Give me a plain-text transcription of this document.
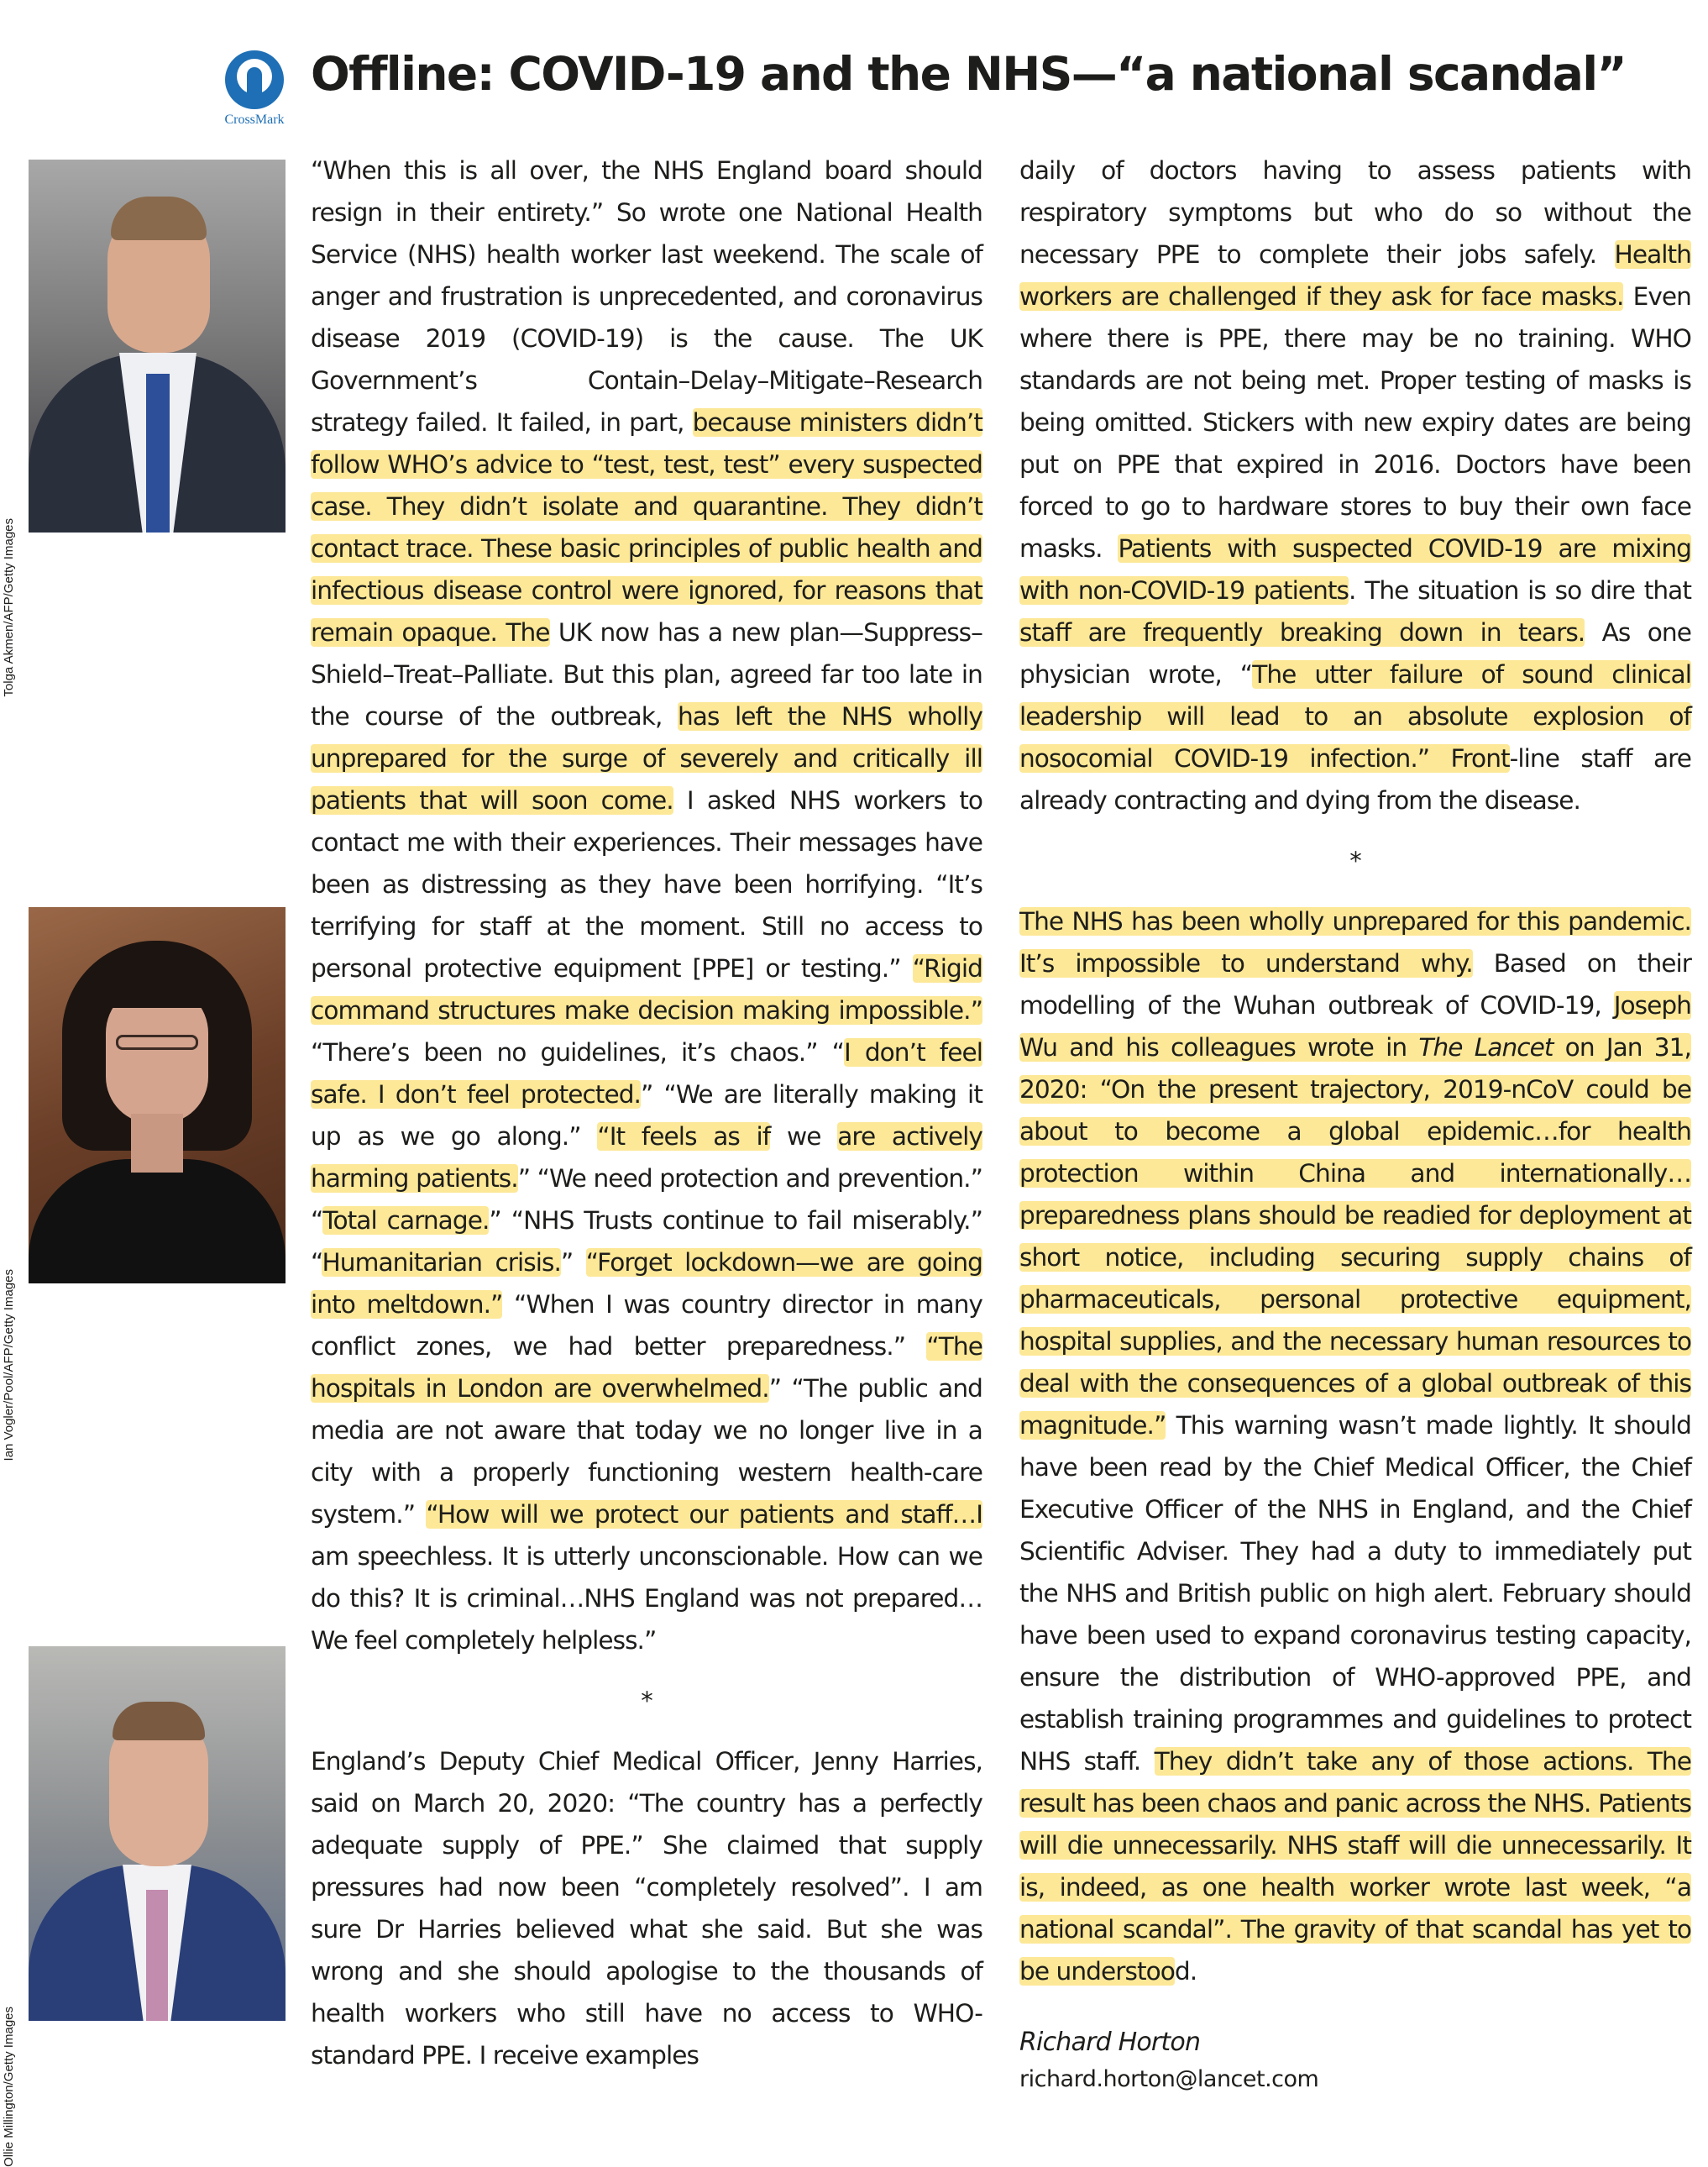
CrossMark
Offline: COVID-19 and the NHS—“a national scandal”
Tolga Akmen/AFP/Getty Images
Ian Vogler/Pool/AFP/Getty Images
Ollie Millington/Getty Images

“When this is all over, the NHS England board should resign in their entirety.” So wrote one National Health Service (NHS) health worker last weekend. The scale of anger and frustration is unprecedented, and coronavirus disease 2019 (COVID-19) is the cause. The UK Government’s Contain–Delay–Mitigate–Research strategy failed. It failed, in part, because ministers didn’t follow WHO’s advice to “test, test, test” every suspected case. They didn’t isolate and quarantine. They didn’t contact trace. These basic principles of public health and infectious disease control were ignored, for reasons that remain opaque. The UK now has a new plan—Suppress–Shield–Treat–Palliate. But this plan, agreed far too late in the course of the outbreak, has left the NHS wholly unprepared for the surge of severely and critically ill patients that will soon come. I asked NHS workers to contact me with their experiences. Their messages have been as distressing as they have been horrifying. “It’s terrifying for staff at the moment. Still no access to personal protective equipment [PPE] or testing.” “Rigid command structures make decision making impossible.” “There’s been no guidelines, it’s chaos.” “I don’t feel safe. I don’t feel protected.” “We are literally making it up as we go along.” “It feels as if we are actively harming patients.” “We need protection and prevention.” “Total carnage.” “NHS Trusts continue to fail miserably.” “Humanitarian crisis.” “Forget lockdown—we are going into meltdown.” “When I was country director in many conflict zones, we had better preparedness.” “The hospitals in London are overwhelmed.” “The public and media are not aware that today we no longer live in a city with a properly functioning western health-care system.” “How will we protect our patients and staff…I am speechless. It is utterly unconscionable. How can we do this? It is criminal…NHS England was not prepared… We feel completely helpless.”

*

England’s Deputy Chief Medical Officer, Jenny Harries, said on March 20, 2020: “The country has a perfectly adequate supply of PPE.” She claimed that supply pressures had now been “completely resolved”. I am sure Dr Harries believed what she said. But she was wrong and she should apologise to the thousands of health workers who still have no access to WHO-standard PPE. I receive examples

daily of doctors having to assess patients with respiratory symptoms but who do so without the necessary PPE to complete their jobs safely. Health workers are challenged if they ask for face masks. Even where there is PPE, there may be no training. WHO standards are not being met. Proper testing of masks is being omitted. Stickers with new expiry dates are being put on PPE that expired in 2016. Doctors have been forced to go to hardware stores to buy their own face masks. Patients with suspected COVID-19 are mixing with non-COVID-19 patients. The situation is so dire that staff are frequently breaking down in tears. As one physician wrote, “The utter failure of sound clinical leadership will lead to an absolute explosion of nosocomial COVID-19 infection.” Front-line staff are already contracting and dying from the disease.

*

The NHS has been wholly unprepared for this pandemic. It’s impossible to understand why. Based on their modelling of the Wuhan outbreak of COVID-19, Joseph Wu and his colleagues wrote in The Lancet on Jan 31, 2020: “On the present trajectory, 2019-nCoV could be about to become a global epidemic…for health protection within China and internationally… preparedness plans should be readied for deployment at short notice, including securing supply chains of pharmaceuticals, personal protective equipment, hospital supplies, and the necessary human resources to deal with the consequences of a global outbreak of this magnitude.” This warning wasn’t made lightly. It should have been read by the Chief Medical Officer, the Chief Executive Officer of the NHS in England, and the Chief Scientific Adviser. They had a duty to immediately put the NHS and British public on high alert. February should have been used to expand coronavirus testing capacity, ensure the distribution of WHO-approved PPE, and establish training programmes and guidelines to protect NHS staff. They didn’t take any of those actions. The result has been chaos and panic across the NHS. Patients will die unnecessarily. NHS staff will die unnecessarily. It is, indeed, as one health worker wrote last week, “a national scandal”. The gravity of that scandal has yet to be understood.

Richard Horton
richard.horton@lancet.com
